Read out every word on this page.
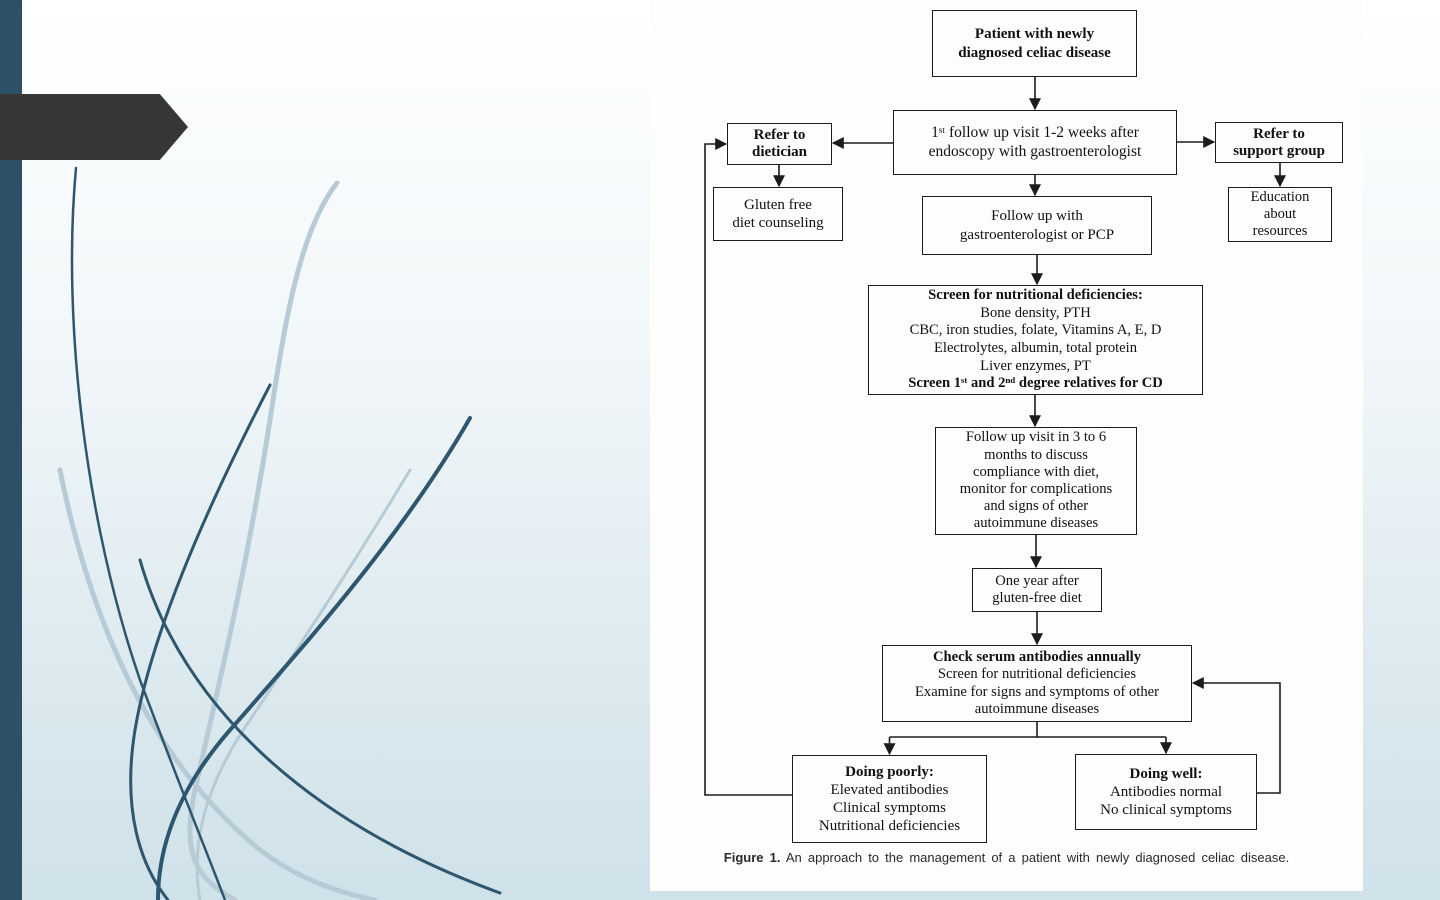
Patient with newly
diagnosed celiac disease
1ˢᵗ follow up visit 1-2 weeks after
endoscopy with gastroenterologist
Refer to
dietician
Gluten free
diet counseling
Refer to
support group
Education
about
resources
Follow up with
gastroenterologist or PCP
Screen for nutritional deficiencies:
Bone density, PTH
CBC, iron studies, folate, Vitamins A, E, D
Electrolytes, albumin, total protein
Liver enzymes, PT
Screen 1ˢᵗ and 2ⁿᵈ degree relatives for CD
Follow up visit in 3 to 6
months to discuss
compliance with diet,
monitor for complications
and signs of other
autoimmune diseases
One year after
gluten-free diet
Check serum antibodies annually
Screen for nutritional deficiencies
Examine for signs and symptoms of other
autoimmune diseases
Doing poorly:
Elevated antibodies
Clinical symptoms
Nutritional deficiencies
Doing well:
Antibodies normal
No clinical symptoms
Figure 1. An approach to the management of a patient with newly diagnosed celiac disease.
